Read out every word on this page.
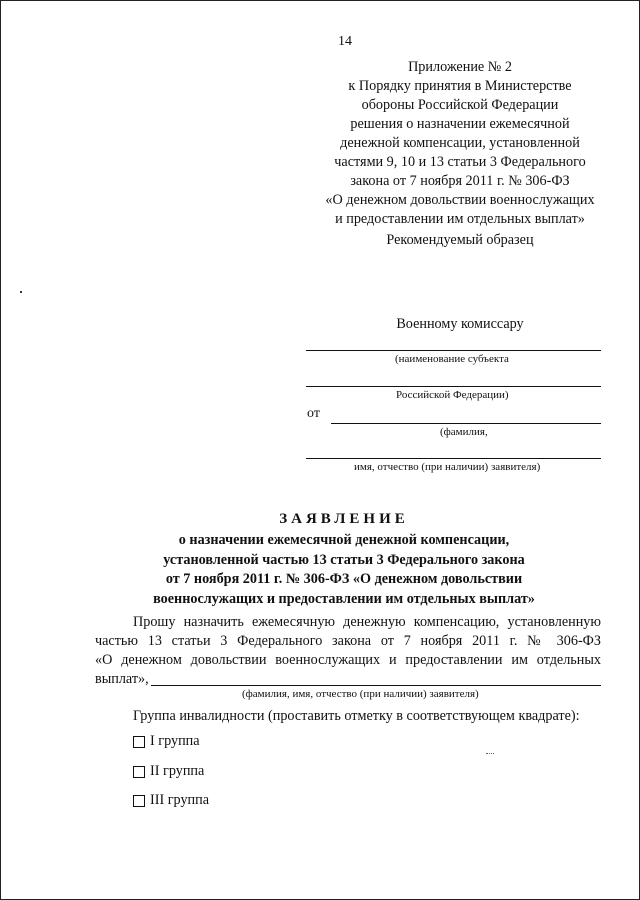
14
Приложение № 2
к Порядку принятия в Министерстве
обороны Российской Федерации
решения о назначении ежемесячной
денежной компенсации, установленной
частями 9, 10 и 13 статьи 3 Федерального
закона от 7 ноября 2011 г. № 306-ФЗ
«О денежном довольствии военнослужащих
и предоставлении им отдельных выплат»
Рекомендуемый образец
Военному комиссару
(наименование субъекта
Российской Федерации)
от
(фамилия,
имя, отчество (при наличии) заявителя)
ЗАЯВЛЕНИЕ
о назначении ежемесячной денежной компенсации,
установленной частью 13 статьи 3 Федерального закона
от 7 ноября 2011 г. № 306-ФЗ «О денежном довольствии
военнослужащих и предоставлении им отдельных выплат»
Прошу назначить ежемесячную денежную компенсацию, установленную
частью 13 статьи 3 Федерального закона от 7 ноября 2011 г. № 306-ФЗ
«О денежном довольствии военнослужащих и предоставлении им отдельных
выплат»,
(фамилия, имя, отчество (при наличии) заявителя)
Группа инвалидности (проставить отметку в соответствующем квадрате):
I группа
II группа
III группа
